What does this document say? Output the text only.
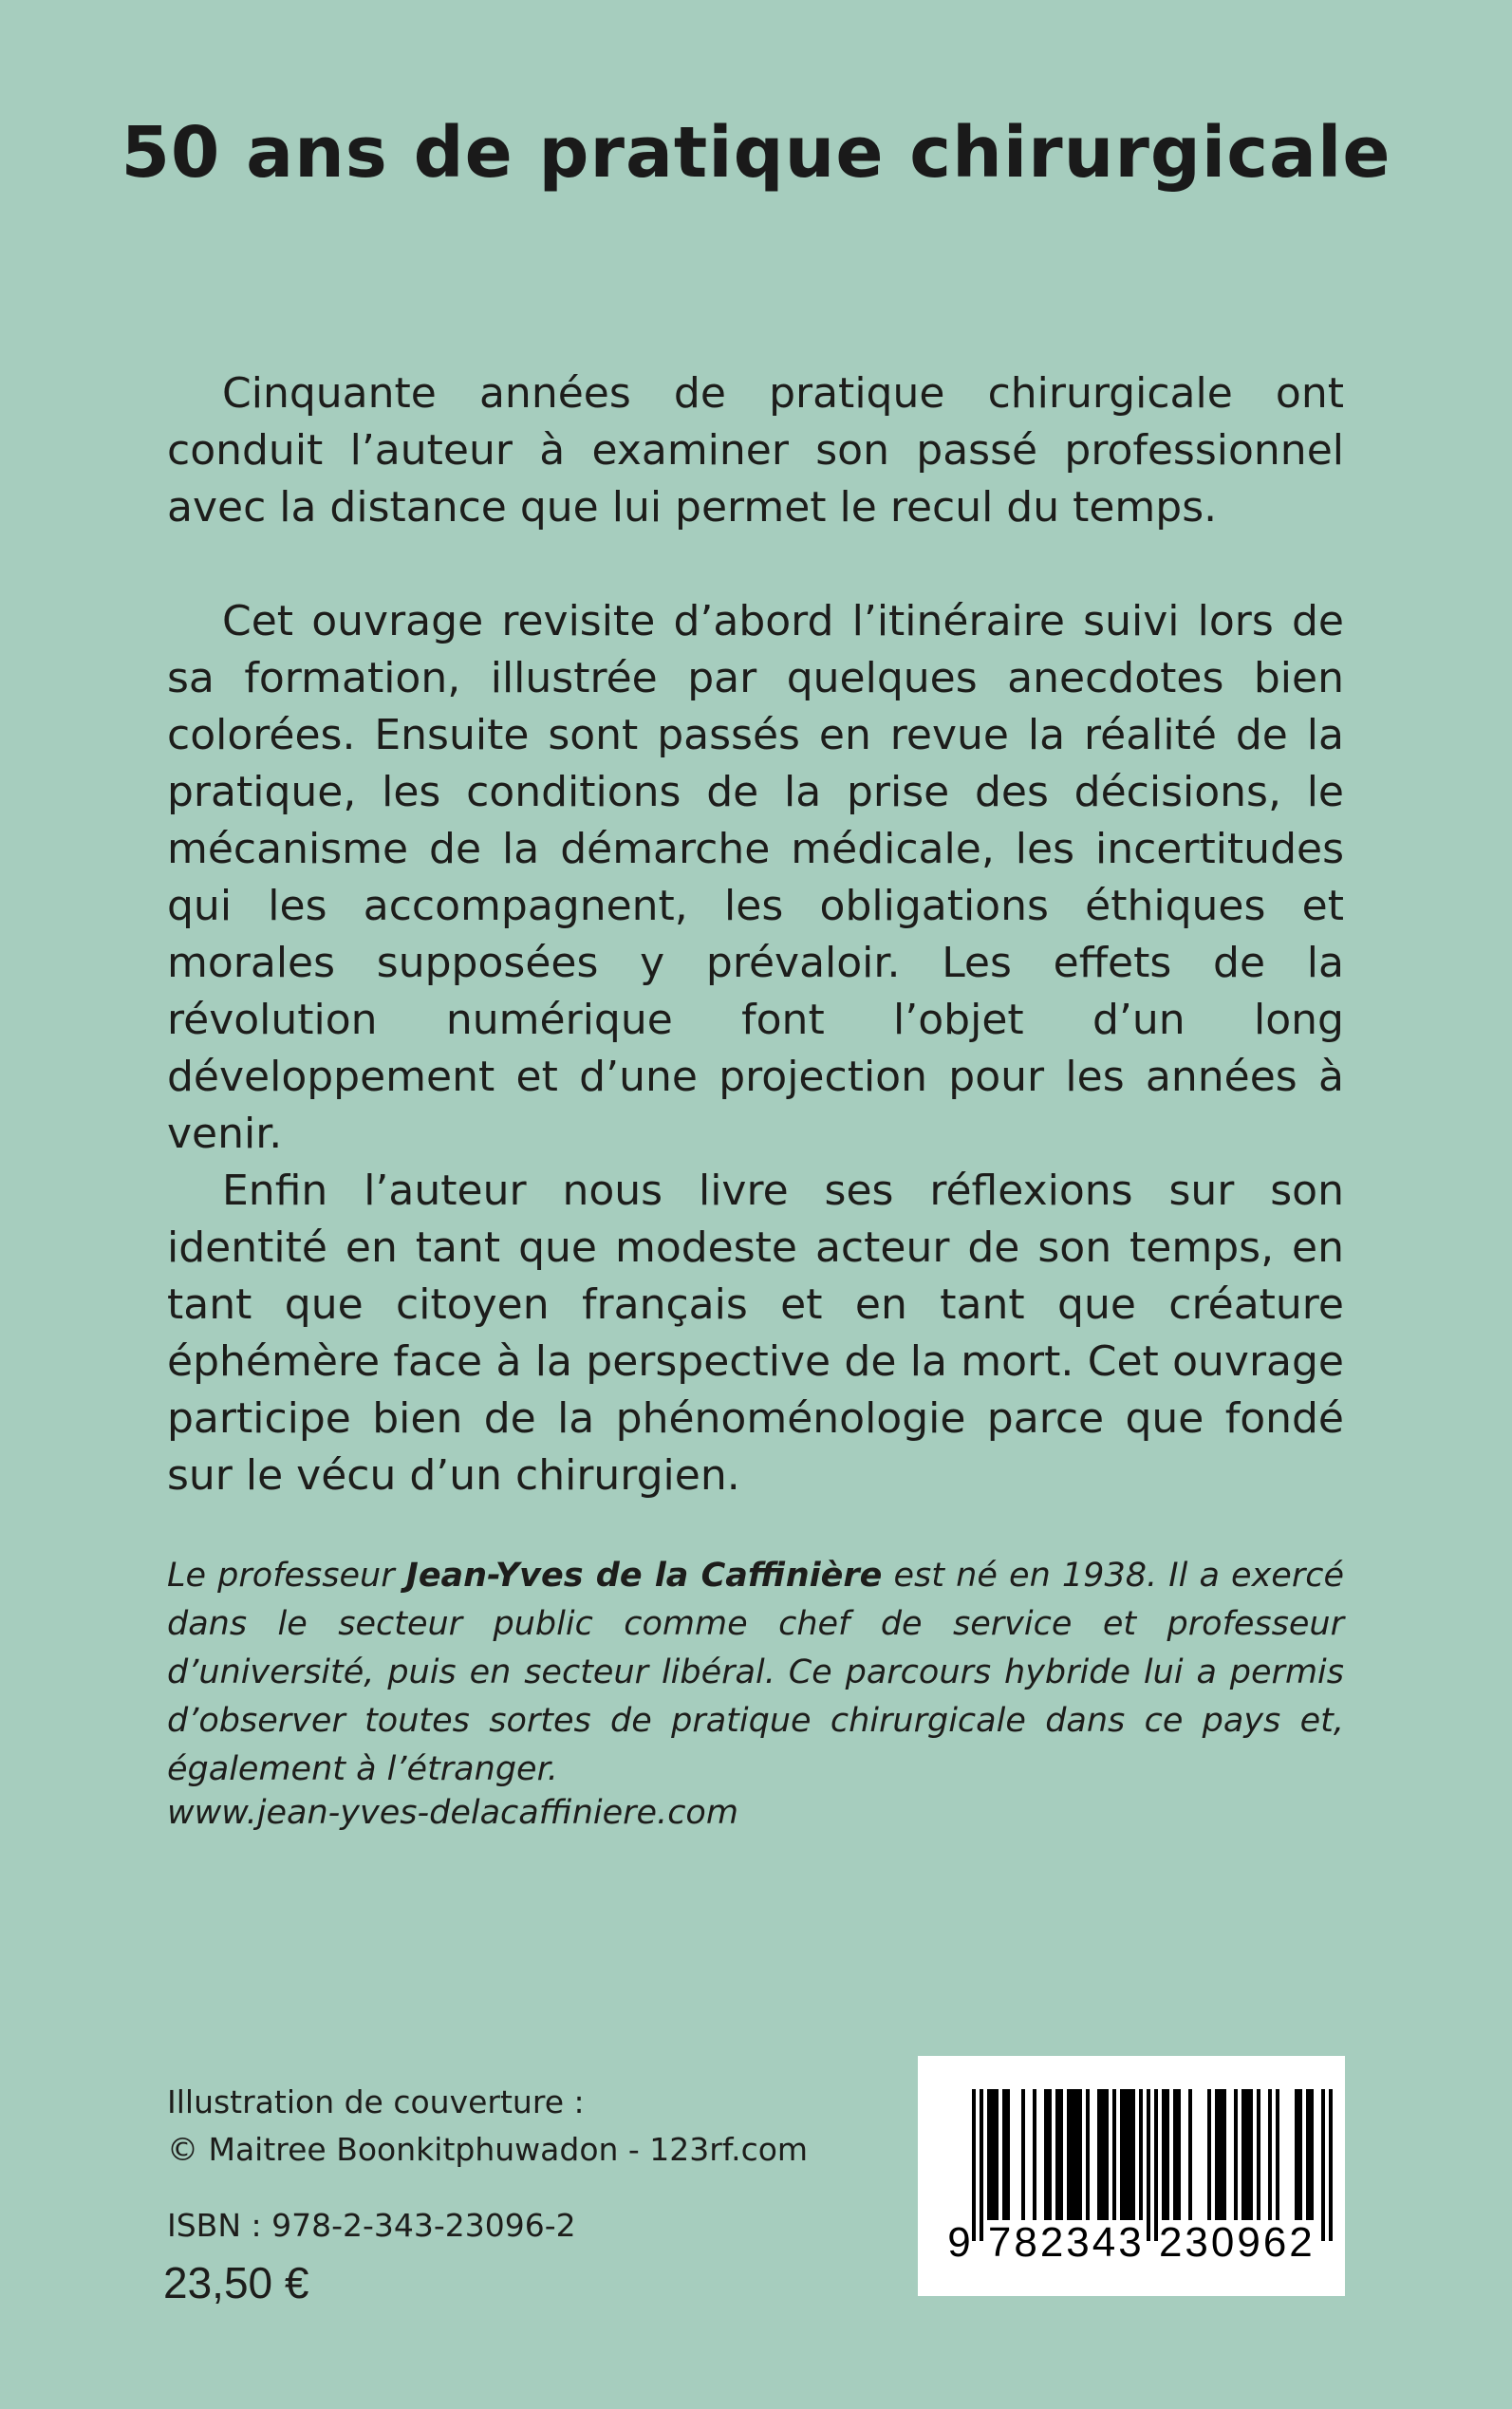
50 ans de pratique chirurgicale

Cinquante années de pratique chirurgicale ont conduit l’auteur à examiner son passé professionnel avec la distance que lui permet le recul du temps.

Cet ouvrage revisite d’abord l’itinéraire suivi lors de sa formation, illustrée par quelques anecdotes bien colorées. Ensuite sont passés en revue la réalité de la pratique, les conditions de la prise des décisions, le mécanisme de la démarche médicale, les incertitudes qui les accompagnent, les obligations éthiques et morales supposées y prévaloir. Les effets de la révolution numérique font l’objet d’un long développement et d’une projection pour les années à venir.

Enfin l’auteur nous livre ses réflexions sur son identité en tant que modeste acteur de son temps, en tant que citoyen français et en tant que créature éphémère face à la perspective de la mort. Cet ouvrage participe bien de la phénoménologie parce que fondé sur le vécu d’un chirurgien.

Le professeur Jean-Yves de la Caffinière est né en 1938. Il a exercé dans le secteur public comme chef de service et professeur d’université, puis en secteur libéral. Ce parcours hybride lui a permis d’observer toutes sortes de pratique chirurgicale dans ce pays et, également à l’étranger.

www.jean-yves-delacaffiniere.com

Illustration de couverture :
© Maitree Boonkitphuwadon - 123rf.com

ISBN : 978-2-343-23096-2

23,50 €

9 782343 230962
